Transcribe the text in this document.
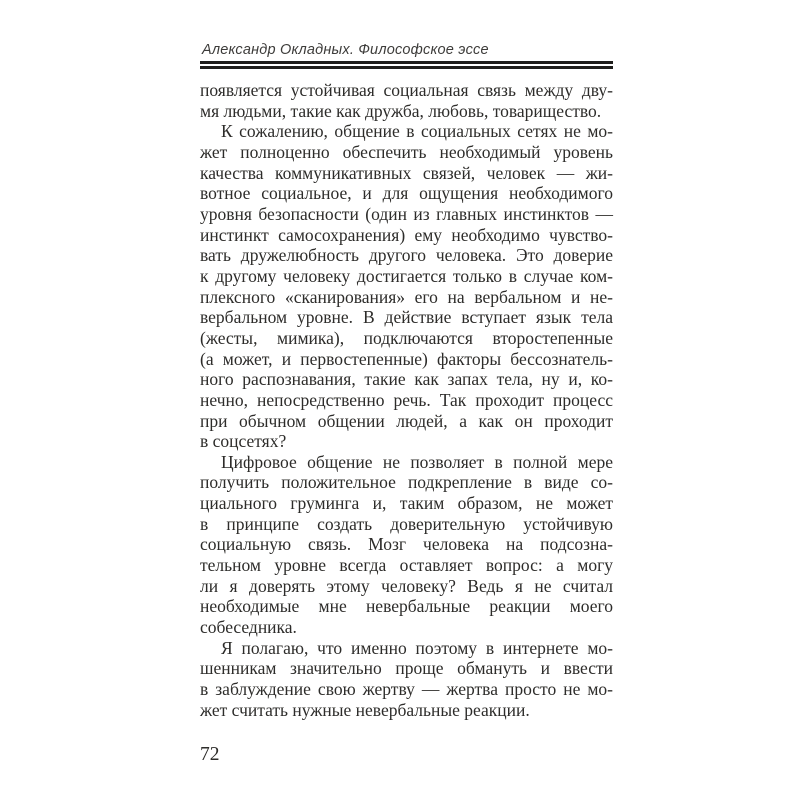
Александр Окладных. Философское эссе
появляется устойчивая социальная связь между дву-
мя людьми, такие как дружба, любовь, товарищество.
К сожалению, общение в социальных сетях не мо-
жет полноценно обеспечить необходимый уровень
качества коммуникативных связей, человек — жи-
вотное социальное, и для ощущения необходимого
уровня безопасности (один из главных инстинктов —
инстинкт самосохранения) ему необходимо чувство-
вать дружелюбность другого человека. Это доверие
к другому человеку достигается только в случае ком-
плексного «сканирования» его на вербальном и не-
вербальном уровне. В действие вступает язык тела
(жесты, мимика), подключаются второстепенные
(а может, и первостепенные) факторы бессознатель-
ного распознавания, такие как запах тела, ну и, ко-
нечно, непосредственно речь. Так проходит процесс
при обычном общении людей, а как он проходит
в соцсетях?
Цифровое общение не позволяет в полной мере
получить положительное подкрепление в виде со-
циального груминга и, таким образом, не может
в принципе создать доверительную устойчивую
социальную связь. Мозг человека на подсозна-
тельном уровне всегда оставляет вопрос: а могу
ли я доверять этому человеку? Ведь я не считал
необходимые мне невербальные реакции моего
собеседника.
Я полагаю, что именно поэтому в интернете мо-
шенникам значительно проще обмануть и ввести
в заблуждение свою жертву — жертва просто не мо-
жет считать нужные невербальные реакции.
72
